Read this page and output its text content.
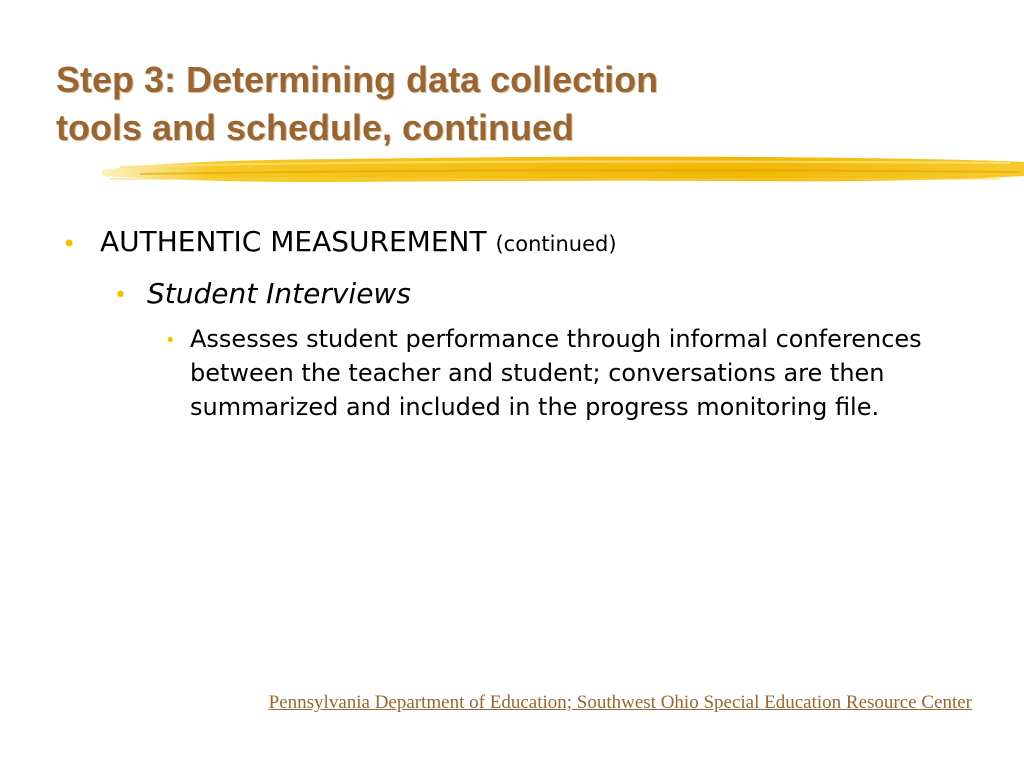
Step 3: Determining data collection
tools and schedule, continued
• AUTHENTIC MEASUREMENT (continued)
• Student Interviews
• Assesses student performance through informal conferences between the teacher and student; conversations are then summarized and included in the progress monitoring file.
Pennsylvania Department of Education; Southwest Ohio Special Education Resource Center
